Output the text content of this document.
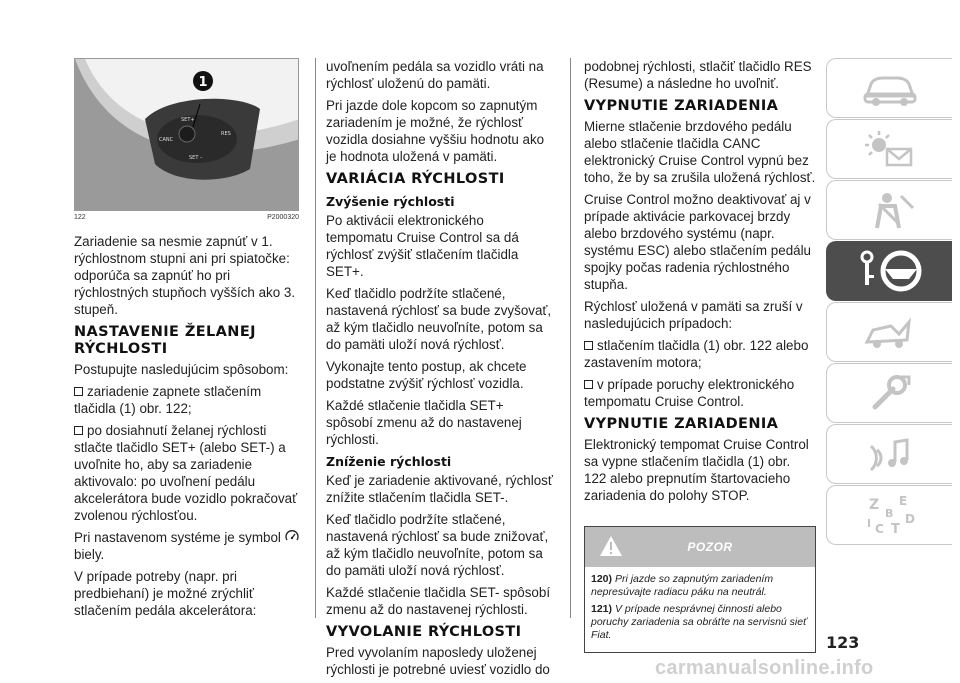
SET+
RES
CANC
SET –
1
122	P2000320

Zariadenie sa nesmie zapnúť v 1. rýchlostnom stupni ani pri spiatočke: odporúča sa zapnúť ho pri rýchlostných stupňoch vyšších ako 3. stupeň.

NASTAVENIE ŽELANEJ RÝCHLOSTI

Postupujte nasledujúcim spôsobom:

zariadenie zapnete stlačením tlačidla (1) obr. 122;

po dosiahnutí želanej rýchlosti stlačte tlačidlo SET+ (alebo SET-) a uvoľnite ho, aby sa zariadenie aktivovalo: po uvoľnení pedálu akcelerátora bude vozidlo pokračovať zvolenou rýchlosťou.

Pri nastavenom systéme je symbol  biely.

V prípade potreby (napr. pri predbiehaní) je možné zrýchliť stlačením pedála akcelerátora:

uvoľnením pedála sa vozidlo vráti na rýchlosť uloženú do pamäti.

Pri jazde dole kopcom so zapnutým zariadením je možné, že rýchlosť vozidla dosiahne vyššiu hodnotu ako je hodnota uložená v pamäti.

VARIÁCIA RÝCHLOSTI
Zvýšenie rýchlosti

Po aktivácii elektronického tempomatu Cruise Control sa dá rýchlosť zvýšiť stlačením tlačidla SET+.

Keď tlačidlo podržíte stlačené, nastavená rýchlosť sa bude zvyšovať, až kým tlačidlo neuvoľníte, potom sa do pamäti uloží nová rýchlosť.

Vykonajte tento postup, ak chcete podstatne zvýšiť rýchlosť vozidla.

Každé stlačenie tlačidla SET+ spôsobí zmenu až do nastavenej rýchlosti.

Zníženie rýchlosti

Keď je zariadenie aktivované, rýchlosť znížite stlačením tlačidla SET-.

Keď tlačidlo podržíte stlačené, nastavená rýchlosť sa bude znižovať, až kým tlačidlo neuvoľníte, potom sa do pamäti uloží nová rýchlosť.

Každé stlačenie tlačidla SET- spôsobí zmenu až do nastavenej rýchlosti.

VYVOLANIE RÝCHLOSTI

Pred vyvolaním naposledy uloženej rýchlosti je potrebné uviesť vozidlo do

podobnej rýchlosti, stlačiť tlačidlo RES (Resume) a následne ho uvoľniť.

VYPNUTIE ZARIADENIA

Mierne stlačenie brzdového pedálu alebo stlačenie tlačidla CANC elektronický Cruise Control vypnú bez toho, že by sa zrušila uložená rýchlosť.

Cruise Control možno deaktivovať aj v prípade aktivácie parkovacej brzdy alebo brzdového systému (napr. systému ESC) alebo stlačením pedálu spojky počas radenia rýchlostného stupňa.

Rýchlosť uložená v pamäti sa zruší v nasledujúcich prípadoch:

stlačením tlačidla (1) obr. 122 alebo zastavením motora;

v prípade poruchy elektronického tempomatu Cruise Control.

VYPNUTIE ZARIADENIA

Elektronický tempomat Cruise Control sa vypne stlačením tlačidla (1) obr. 122 alebo prepnutím štartovacieho zariadenia do polohy STOP.

POZOR

120) Pri jazde so zapnutým zariadením nepresúvajte radiacu páku na neutrál.

121) V prípade nesprávnej činnosti alebo poruchy zariadenia sa obráťte na servisnú sieť Fiat.

Z E
B
I C T
D
123
carmanualsonline.info
